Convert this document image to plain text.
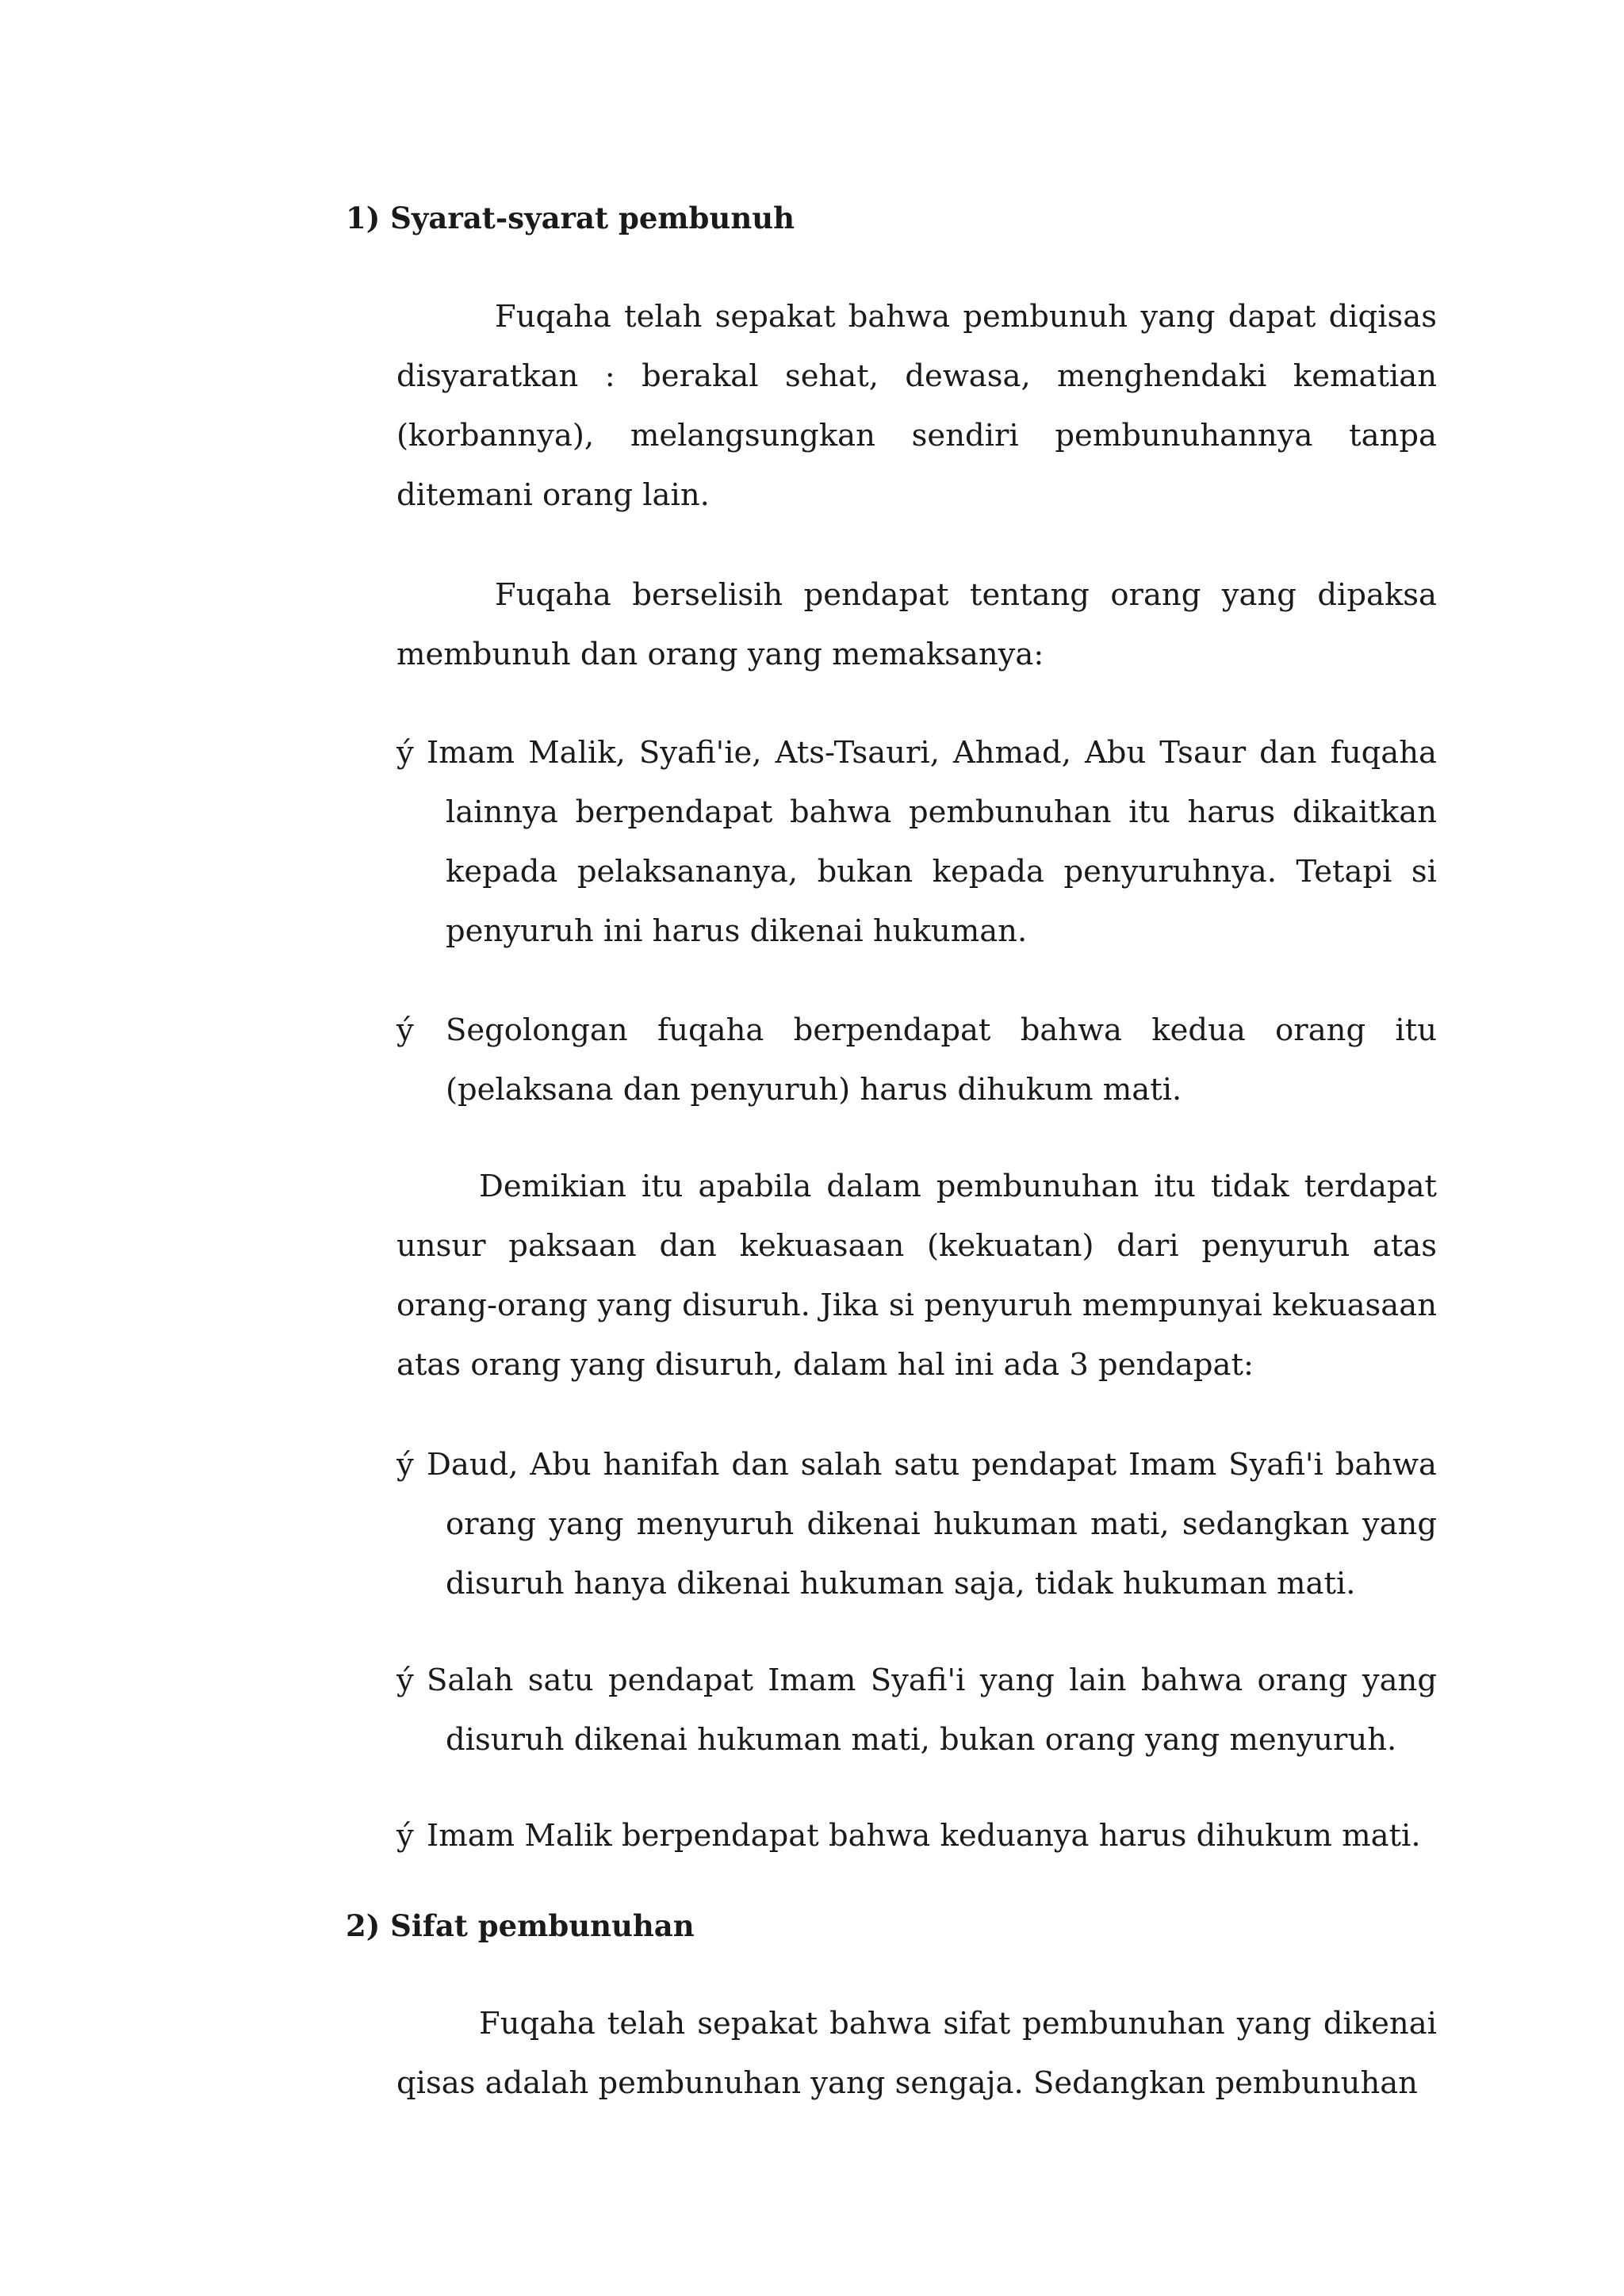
1) Syarat-syarat pembunuh

Fuqaha telah sepakat bahwa pembunuh yang dapat diqisas disyaratkan : berakal sehat, dewasa, menghendaki kematian (korbannya), melangsungkan sendiri pembunuhannya tanpa ditemani orang lain.

Fuqaha berselisih pendapat tentang orang yang dipaksa membunuh dan orang yang memaksanya:

ý Imam Malik, Syafi'ie, Ats-Tsauri, Ahmad, Abu Tsaur dan fuqaha lainnya berpendapat bahwa pembunuhan itu harus dikaitkan kepada pelaksananya, bukan kepada penyuruhnya. Tetapi si penyuruh ini harus dikenai hukuman.

ý Segolongan fuqaha berpendapat bahwa kedua orang itu (pelaksana dan penyuruh) harus dihukum mati.

Demikian itu apabila dalam pembunuhan itu tidak terdapat unsur paksaan dan kekuasaan (kekuatan) dari penyuruh atas orang-orang yang disuruh. Jika si penyuruh mempunyai kekuasaan atas orang yang disuruh, dalam hal ini ada 3 pendapat:

ý Daud, Abu hanifah dan salah satu pendapat Imam Syafi'i bahwa orang yang menyuruh dikenai hukuman mati, sedangkan yang disuruh hanya dikenai hukuman saja, tidak hukuman mati.

ý Salah satu pendapat Imam Syafi'i yang lain bahwa orang yang disuruh dikenai hukuman mati, bukan orang yang menyuruh.

ý Imam Malik berpendapat bahwa keduanya harus dihukum mati.

2) Sifat pembunuhan

Fuqaha telah sepakat bahwa sifat pembunuhan yang dikenai qisas adalah pembunuhan yang sengaja. Sedangkan pembunuhan
